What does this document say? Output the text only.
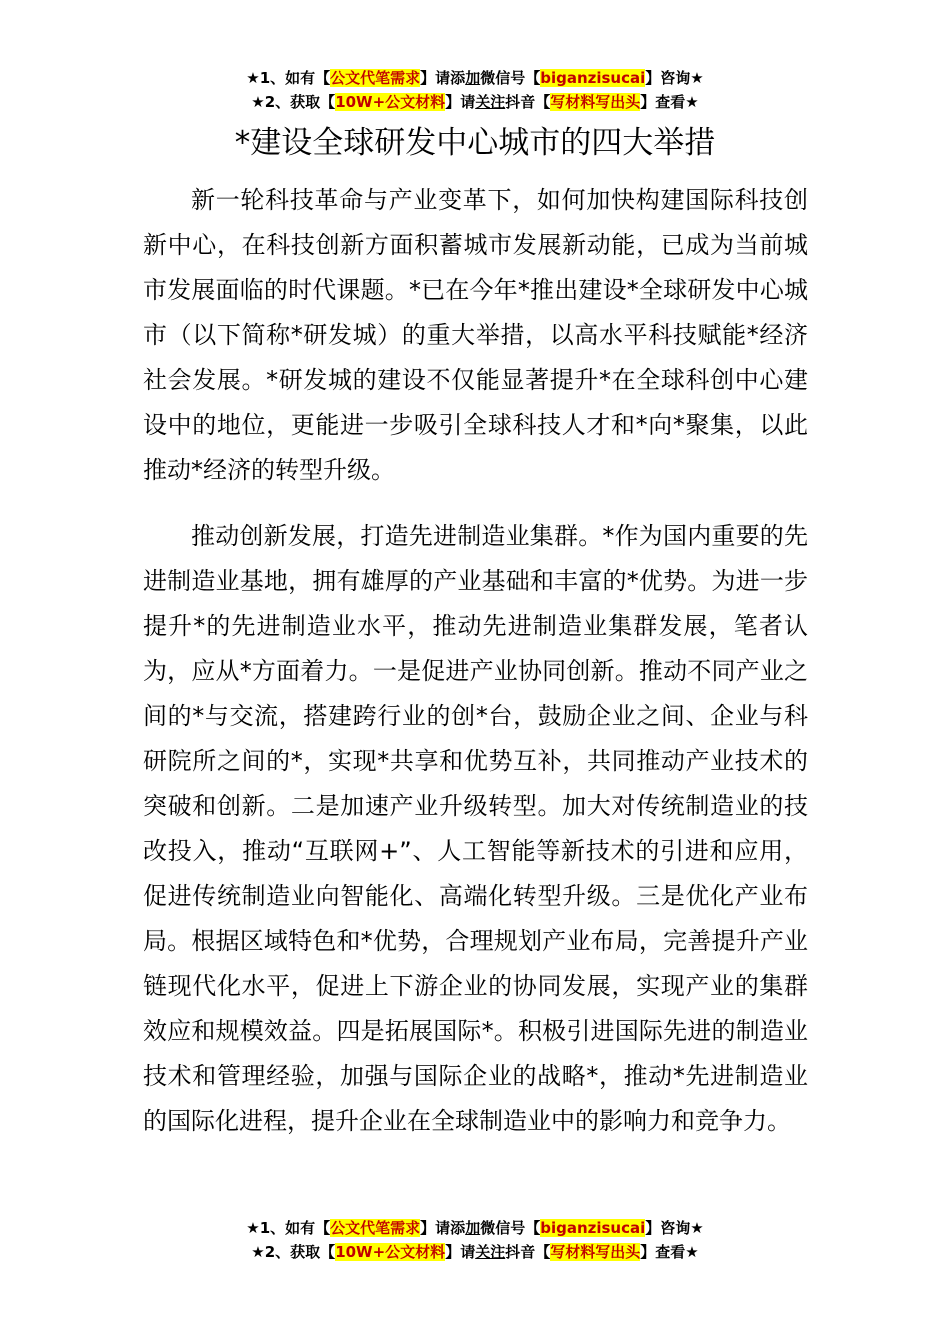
★1、如有【公文代笔需求】请添加微信号【biganzisucai】咨询★
★2、获取【10W+公文材料】请关注抖音【写材料写出头】查看★
*建设全球研发中心城市的四大举措

新一轮科技革命与产业变革下，如何加快构建国际科技创新中心，在科技创新方面积蓄城市发展新动能，已成为当前城市发展面临的时代课题。*已在今年*推出建设*全球研发中心城市（以下简称*研发城）的重大举措，以高水平科技赋能*经济社会发展。*研发城的建设不仅能显著提升*在全球科创中心建设中的地位，更能进一步吸引全球科技人才和*向*聚集，以此推动*经济的转型升级。

推动创新发展，打造先进制造业集群。*作为国内重要的先进制造业基地，拥有雄厚的产业基础和丰富的*优势。为进一步提升*的先进制造业水平，推动先进制造业集群发展，笔者认为，应从*方面着力。一是促进产业协同创新。推动不同产业之间的*与交流，搭建跨行业的创*台，鼓励企业之间、企业与科研院所之间的*，实现*共享和优势互补，共同推动产业技术的突破和创新。二是加速产业升级转型。加大对传统制造业的技改投入，推动“互联网+”、人工智能等新技术的引进和应用，促进传统制造业向智能化、高端化转型升级。三是优化产业布局。根据区域特色和*优势，合理规划产业布局，完善提升产业链现代化水平，促进上下游企业的协同发展，实现产业的集群效应和规模效益。四是拓展国际*。积极引进国际先进的制造业技术和管理经验，加强与国际企业的战略*，推动*先进制造业的国际化进程，提升企业在全球制造业中的影响力和竞争力。

★1、如有【公文代笔需求】请添加微信号【biganzisucai】咨询★
★2、获取【10W+公文材料】请关注抖音【写材料写出头】查看★
